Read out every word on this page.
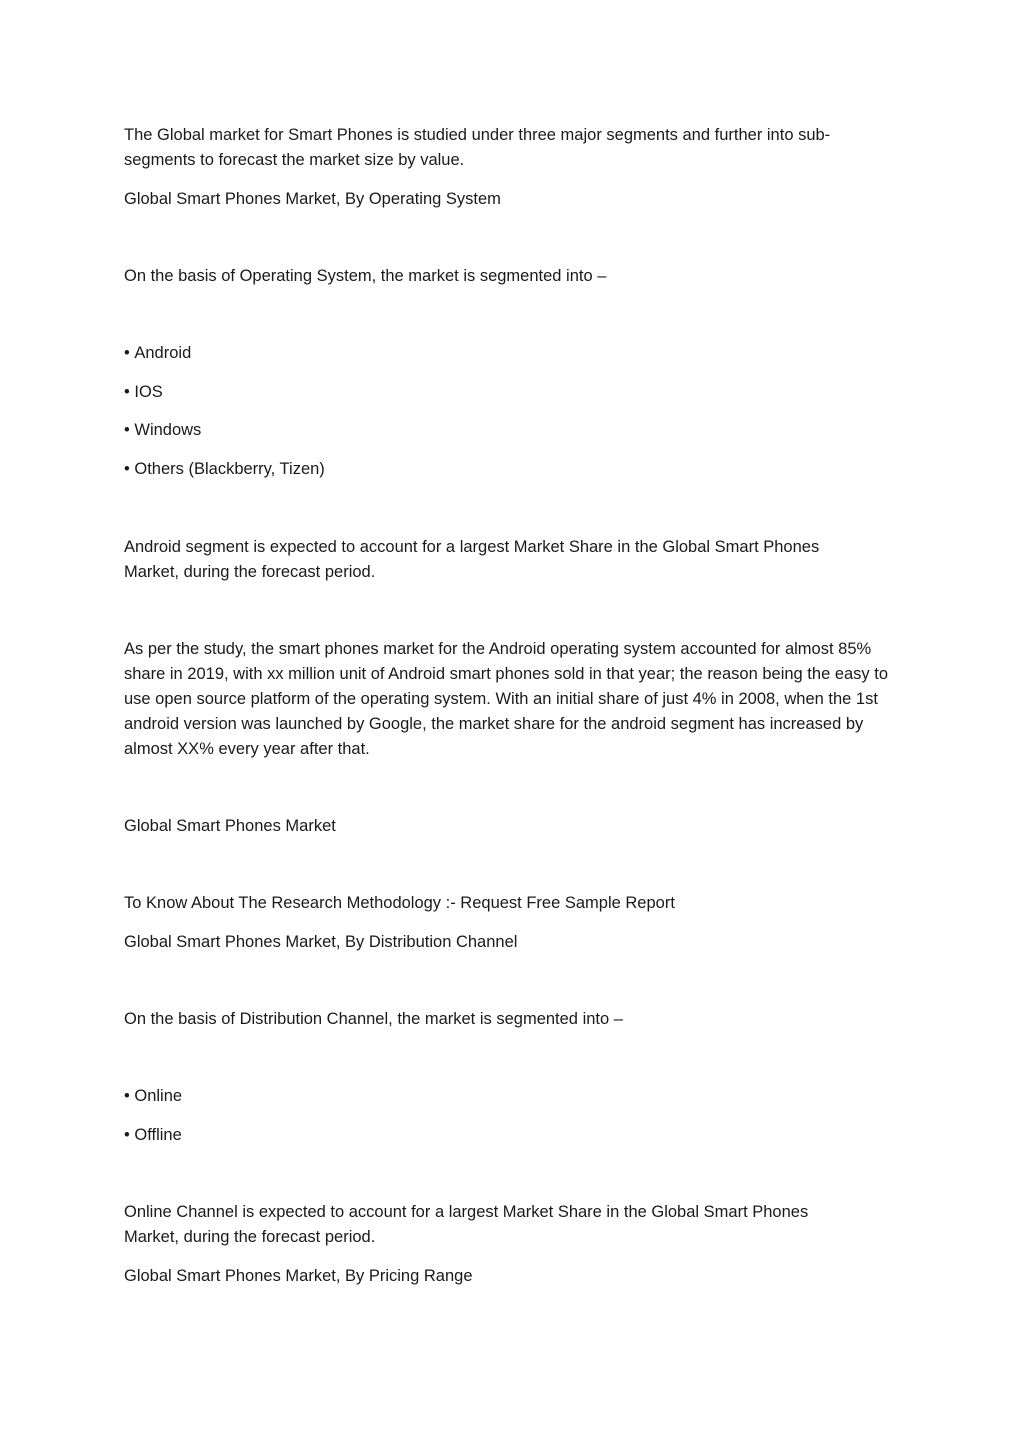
The Global market for Smart Phones is studied under three major segments and further into sub-segments to forecast the market size by value.

Global Smart Phones Market, By Operating System

On the basis of Operating System, the market is segmented into –

• Android

• IOS

• Windows

• Others (Blackberry, Tizen)

Android segment is expected to account for a largest Market Share in the Global Smart Phones Market, during the forecast period.

As per the study, the smart phones market for the Android operating system accounted for almost 85% share in 2019, with xx million unit of Android smart phones sold in that year; the reason being the easy to use open source platform of the operating system. With an initial share of just 4% in 2008, when the 1st android version was launched by Google, the market share for the android segment has increased by almost XX% every year after that.

Global Smart Phones Market

To Know About The Research Methodology :- Request Free Sample Report

Global Smart Phones Market, By Distribution Channel

On the basis of Distribution Channel, the market is segmented into –

• Online

• Offline

Online Channel is expected to account for a largest Market Share in the Global Smart Phones Market, during the forecast period.

Global Smart Phones Market, By Pricing Range
